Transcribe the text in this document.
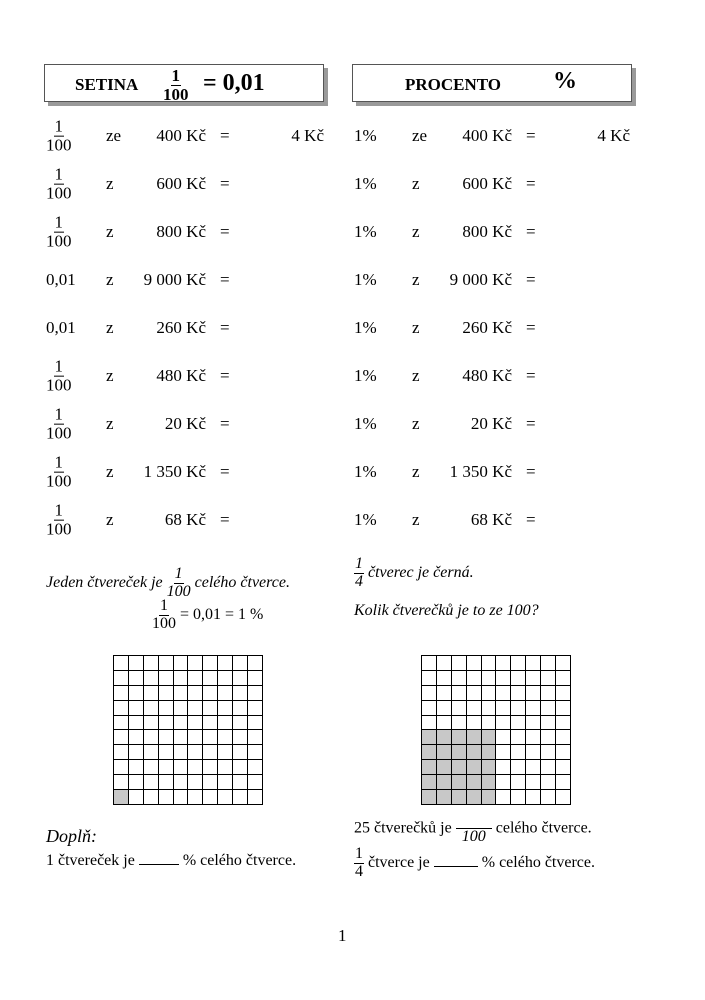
SETINA $\frac{1}{100} = 0,01$	PROCENTO %
$\frac{1}{100}$ ze	400 Kč =	4 Kč
$\frac{1}{100}$ z	600 Kč =
$\frac{1}{100}$ z	800 Kč =
0,01 z	9 000 Kč =
0,01 z	260 Kč =
$\frac{1}{100}$ z	480 Kč =
$\frac{1}{100}$ z	20 Kč =
$\frac{1}{100}$ z	1 350 Kč =
$\frac{1}{100}$ z	68 Kč =
1% ze	400 Kč =	4 Kč
1% z	600 Kč =
1% z	800 Kč =
1% z	9 000 Kč =
1% z	260 Kč =
1% z	480 Kč =
1% z	20 Kč =
1% z	1 350 Kč =
1% z	68 Kč =
Jeden čtvereček je $\frac{1}{100}$ celého čtverce.
$\frac{1}{100} = 0,01 = 1$ %
$\frac{1}{4}$ čtverec je černá.
Kolik čtverečků je to ze 100?
Doplň:
1 čtvereček je	% celého čtverce.
25 čtverečků je 100 celého čtverce.
$\frac{1}{4}$ čtverce je	% celého čtverce.
1
